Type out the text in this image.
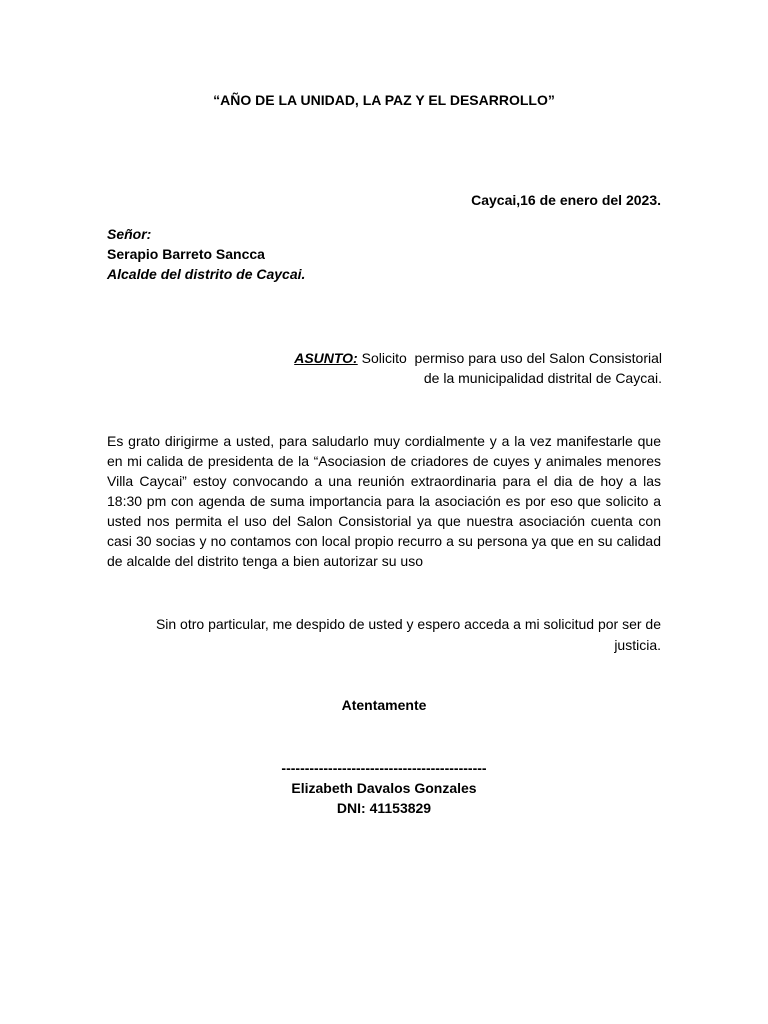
“AÑO DE LA UNIDAD, LA PAZ Y EL DESARROLLO”
Caycai,16 de enero del 2023.
Señor:
Serapio Barreto Sancca
Alcalde del distrito de Caycai.
ASUNTO: Solicito  permiso para uso del Salon Consistorial
de la municipalidad distrital de Caycai.
Es grato dirigirme a usted, para saludarlo muy cordialmente y a la vez manifestarle que en mi calida de presidenta de la “Asociasion de criadores de cuyes y animales menores Villa Caycai” estoy convocando a una reunión extraordinaria para el dia de hoy a las 18:30 pm con agenda de suma importancia para la asociación es por eso que solicito a usted nos permita el uso del Salon Consistorial ya que nuestra asociación cuenta con casi 30 socias y no contamos con local propio recurro a su persona ya que en su calidad de alcalde del distrito tenga a bien autorizar su uso
Sin otro particular, me despido de usted y espero acceda a mi solicitud por ser de justicia.
Atentamente
--------------------------------------------
Elizabeth Davalos Gonzales
DNI: 41153829
